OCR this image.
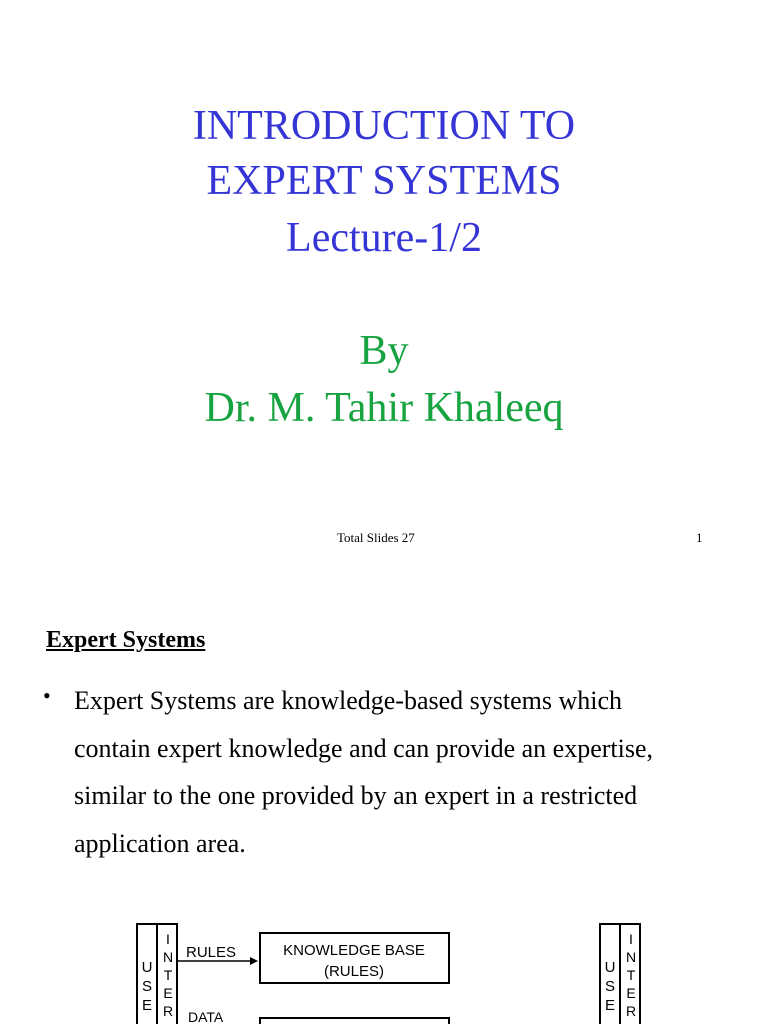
INTRODUCTION TO
EXPERT SYSTEMS
Lecture-1/2
By
Dr. M. Tahir Khaleeq
Total Slides 27	1
Expert Systems
• Expert Systems are knowledge-based systems which
contain expert knowledge and can provide an expertise,
similar to the one provided by an expert in a restricted
application area.
U
S
E
I
N
T
E
R
RULES	KNOWLEDGE BASE
(RULES)
DATA
U
S
E
I
N
T
E
R
